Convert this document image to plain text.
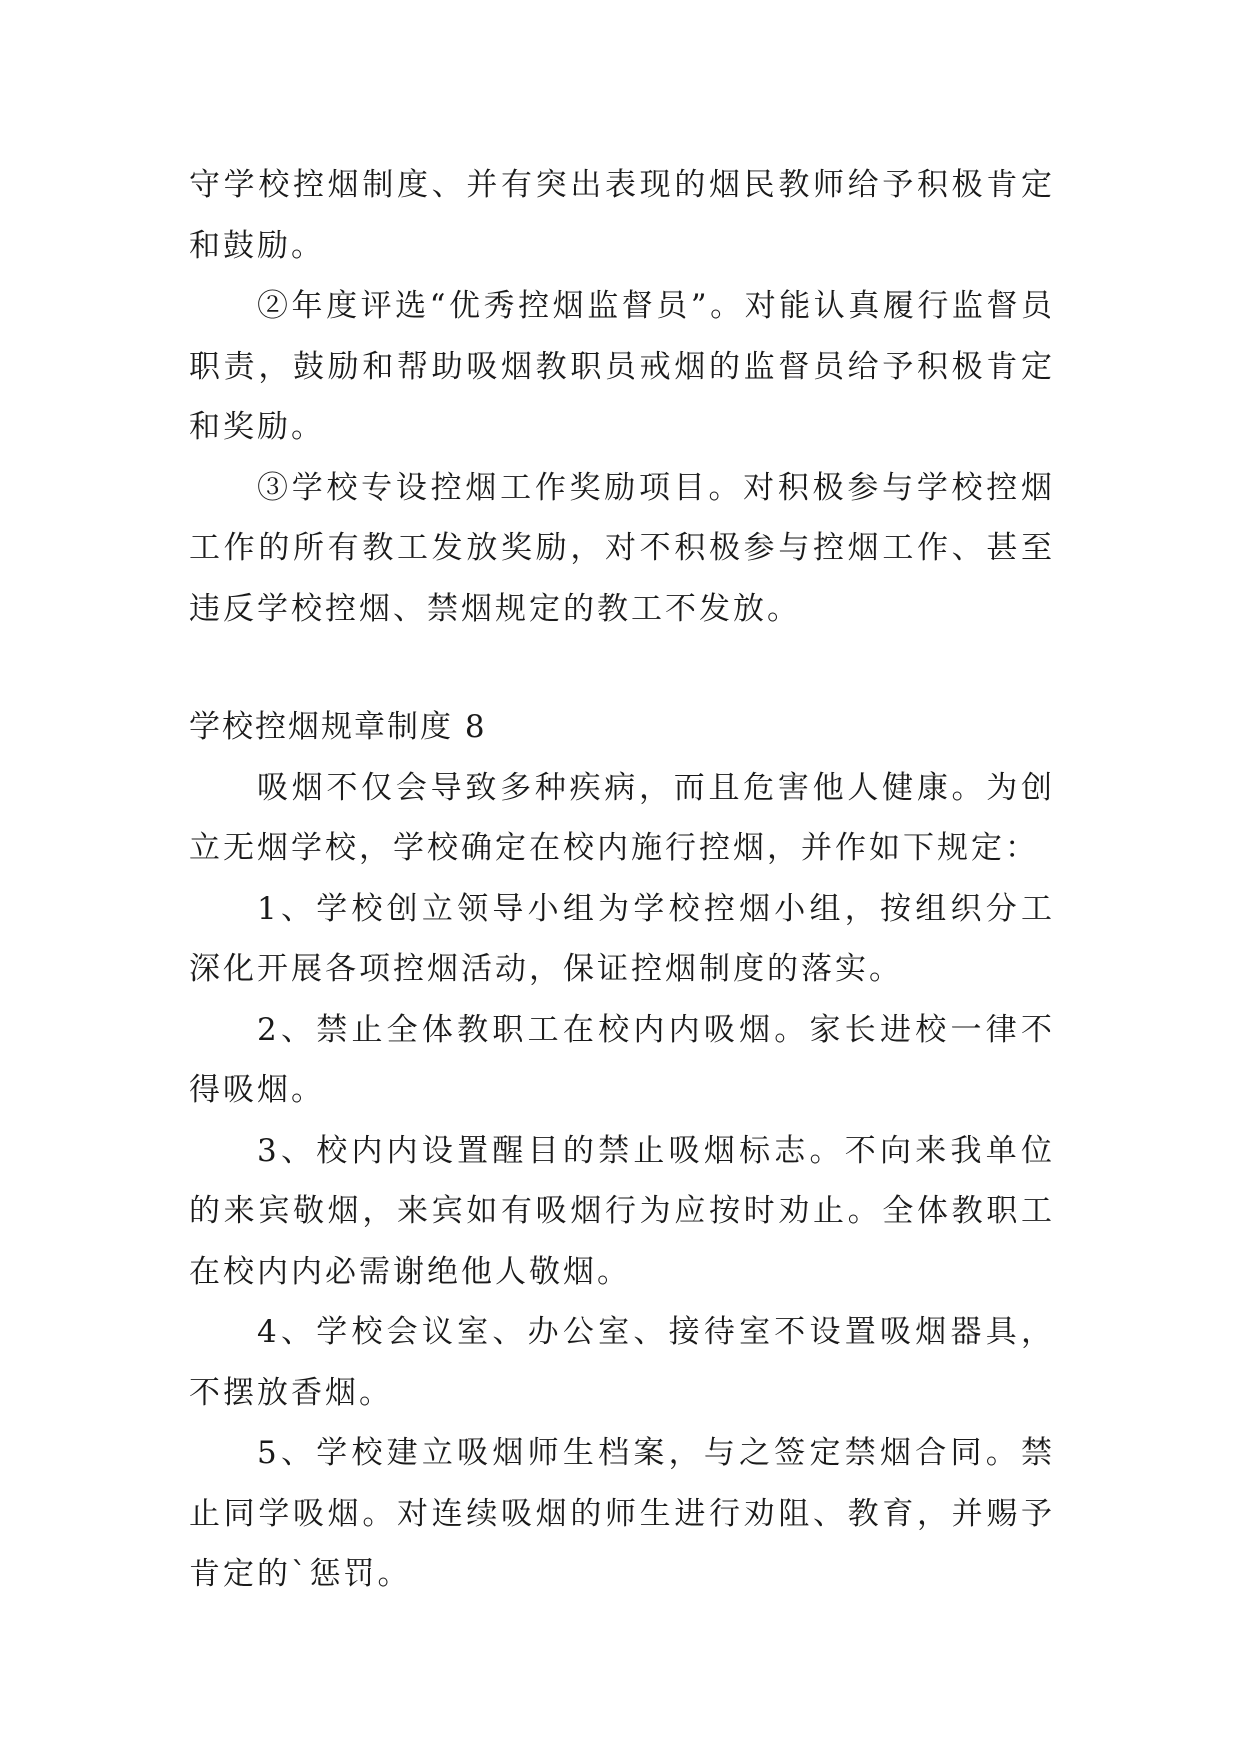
守学校控烟制度、并有突出表现的烟民教师给予积极肯定和鼓励。

②年度评选“优秀控烟监督员”。对能认真履行监督员职责，鼓励和帮助吸烟教职员戒烟的监督员给予积极肯定和奖励。

③学校专设控烟工作奖励项目。对积极参与学校控烟工作的所有教工发放奖励，对不积极参与控烟工作、甚至违反学校控烟、禁烟规定的教工不发放。

学校控烟规章制度 8

吸烟不仅会导致多种疾病，而且危害他人健康。为创立无烟学校，学校确定在校内施行控烟，并作如下规定：

1、学校创立领导小组为学校控烟小组，按组织分工深化开展各项控烟活动，保证控烟制度的落实。

2、禁止全体教职工在校内内吸烟。家长进校一律不得吸烟。

3、校内内设置醒目的禁止吸烟标志。不向来我单位的来宾敬烟，来宾如有吸烟行为应按时劝止。全体教职工在校内内必需谢绝他人敬烟。

4、学校会议室、办公室、接待室不设置吸烟器具，不摆放香烟。

5、学校建立吸烟师生档案，与之签定禁烟合同。禁止同学吸烟。对连续吸烟的师生进行劝阻、教育，并赐予肯定的`惩罚。
